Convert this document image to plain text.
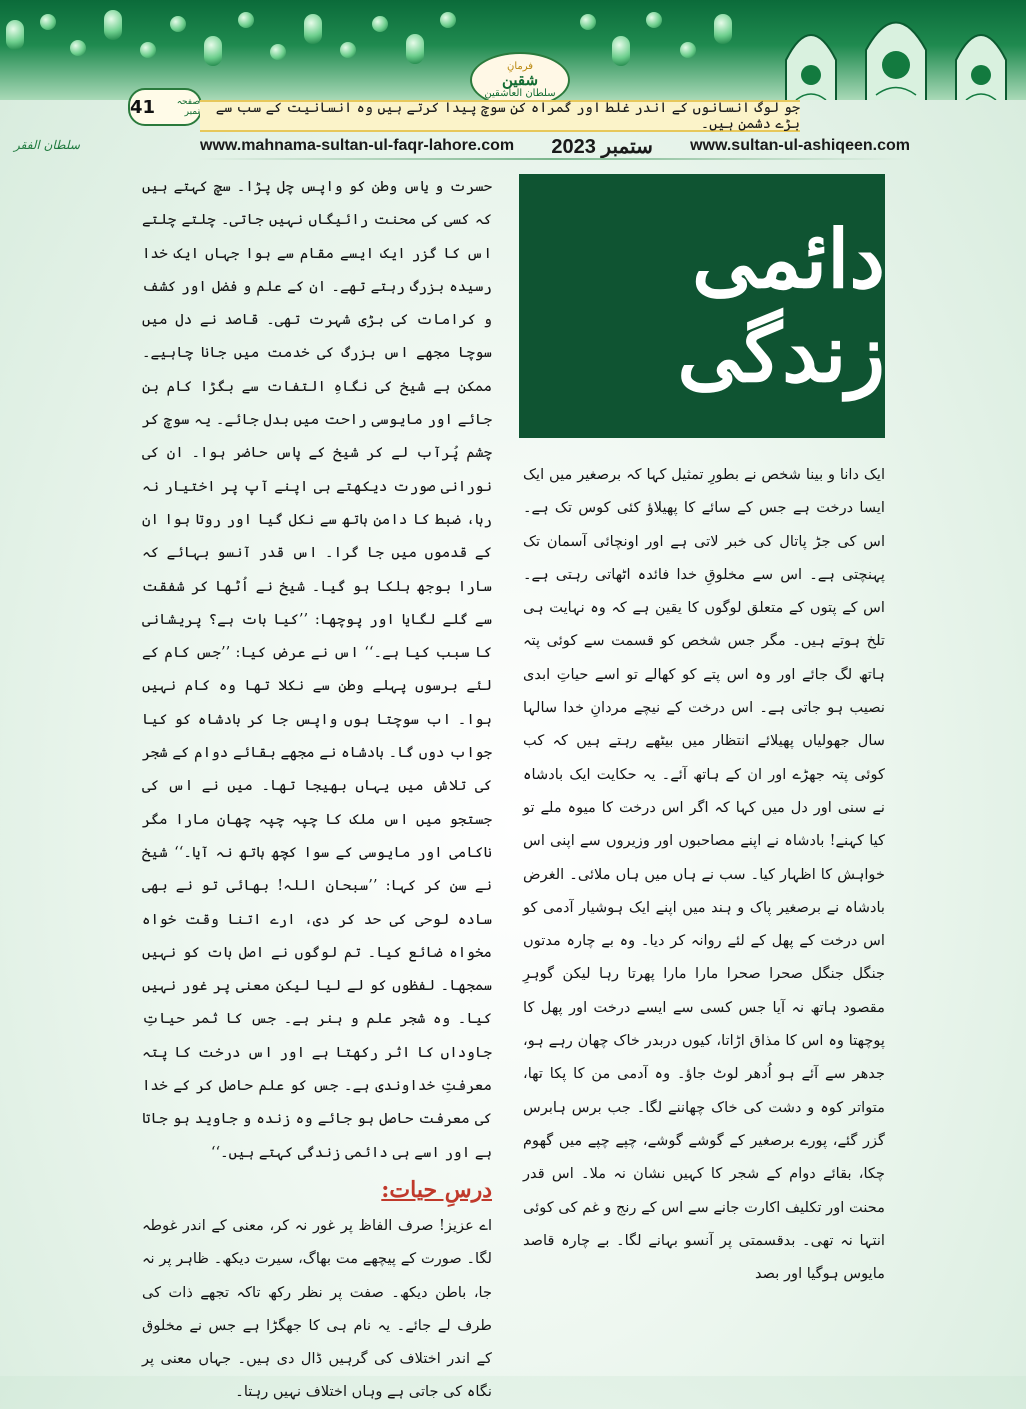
فرمانِ
شقین
سلطان العاشقین
41	صفحہ نمبر	جو لوگ انسانوں کے اندر غلط اور گمراہ کن سوچ پیدا کرتے ہیں وہ انسانیت کے سب سے بڑے دشمن ہیں۔
سلطان الفقر	www.mahnama-sultan-ul-faqr-lahore.com ستمبر 2023 www.sultan-ul-ashiqeen.com
دائمی زندگی

ایک دانا و بینا شخص نے بطورِ تمثیل کہا کہ برصغیر میں ایک ایسا درخت ہے جس کے سائے کا پھیلاؤ کئی کوس تک ہے۔ اس کی جڑ پاتال کی خبر لاتی ہے اور اونچائی آسمان تک پہنچتی ہے۔ اس سے مخلوقِ خدا فائدہ اٹھاتی رہتی ہے۔ اس کے پتوں کے متعلق لوگوں کا یقین ہے کہ وہ نہایت ہی تلخ ہوتے ہیں۔ مگر جس شخص کو قسمت سے کوئی پتہ ہاتھ لگ جائے اور وہ اس پتے کو کھالے تو اسے حیاتِ ابدی نصیب ہو جاتی ہے۔ اس درخت کے نیچے مردانِ خدا سالہا سال جھولیاں پھیلائے انتظار میں بیٹھے رہتے ہیں کہ کب کوئی پتہ جھڑے اور ان کے ہاتھ آئے۔ یہ حکایت ایک بادشاہ نے سنی اور دل میں کہا کہ اگر اس درخت کا میوہ ملے تو کیا کہنے! بادشاہ نے اپنے مصاحبوں اور وزیروں سے اپنی اس خواہش کا اظہار کیا۔ سب نے ہاں میں ہاں ملائی۔ الغرض بادشاہ نے برصغیر پاک و ہند میں اپنے ایک ہوشیار آدمی کو اس درخت کے پھل کے لئے روانہ کر دیا۔ وہ بے چارہ مدتوں جنگل جنگل صحرا صحرا مارا مارا پھرتا رہا لیکن گوہرِ مقصود ہاتھ نہ آیا جس کسی سے ایسے درخت اور پھل کا پوچھتا وہ اس کا مذاق اڑاتا، کیوں دربدر خاک چھان رہے ہو، جدھر سے آئے ہو اُدھر لوٹ جاؤ۔ وہ آدمی من کا پکا تھا، متواتر کوہ و دشت کی خاک چھاننے لگا۔ جب برس ہابرس گزر گئے، پورے برصغیر کے گوشے گوشے، چپے چپے میں گھوم چکا، بقائے دوام کے شجر کا کہیں نشان نہ ملا۔ اس قدر محنت اور تکلیف اکارت جانے سے اس کے رنج و غم کی کوئی انتہا نہ تھی۔ بدقسمتی پر آنسو بہانے لگا۔ بے چارہ قاصد مایوس ہوگیا اور بصد

حسرت و یاس وطن کو واپس چل پڑا۔ سچ کہتے ہیں کہ کسی کی محنت رائیگاں نہیں جاتی۔ چلتے چلتے اس کا گزر ایک ایسے مقام سے ہوا جہاں ایک خدا رسیدہ بزرگ رہتے تھے۔ ان کے علم و فضل اور کشف و کرامات کی بڑی شہرت تھی۔ قاصد نے دل میں سوچا مجھے اس بزرگ کی خدمت میں جانا چاہیے۔ ممکن ہے شیخ کی نگاہِ التفات سے بگڑا کام بن جائے اور مایوسی راحت میں بدل جائے۔ یہ سوچ کر چشم پُرآب لے کر شیخ کے پاس حاضر ہوا۔ ان کی نورانی صورت دیکھتے ہی اپنے آپ پر اختیار نہ رہا، ضبط کا دامن ہاتھ سے نکل گیا اور روتا ہوا ان کے قدموں میں جا گرا۔ اس قدر آنسو بہائے کہ سارا بوجھ ہلکا ہو گیا۔ شیخ نے اُٹھا کر شفقت سے گلے لگایا اور پوچھا: ’’کیا بات ہے؟ پریشانی کا سبب کیا ہے۔‘‘ اس نے عرض کیا: ’’جس کام کے لئے برسوں پہلے وطن سے نکلا تھا وہ کام نہیں ہوا۔ اب سوچتا ہوں واپس جا کر بادشاہ کو کیا جواب دوں گا۔ بادشاہ نے مجھے بقائے دوام کے شجر کی تلاش میں یہاں بھیجا تھا۔ میں نے اس کی جستجو میں اس ملک کا چپہ چپہ چھان مارا مگر ناکامی اور مایوسی کے سوا کچھ ہاتھ نہ آیا۔‘‘ شیخ نے سن کر کہا: ’’سبحان اللہ! بھائی تو نے بھی سادہ لوحی کی حد کر دی، ارے اتنا وقت خواہ مخواہ ضائع کیا۔ تم لوگوں نے اصل بات کو نہیں سمجھا۔ لفظوں کو لے لیا لیکن معنی پر غور نہیں کیا۔ وہ شجر علم و ہنر ہے۔ جس کا ثمر حیاتِ جاوداں کا اثر رکھتا ہے اور اس درخت کا پتہ معرفتِ خداوندی ہے۔ جس کو علم حاصل کر کے خدا کی معرفت حاصل ہو جائے وہ زندہ و جاوید ہو جاتا ہے اور اسے ہی دائمی زندگی کہتے ہیں۔‘‘

درسِ حیات:

اے عزیز! صرف الفاظ پر غور نہ کر، معنی کے اندر غوطہ لگا۔ صورت کے پیچھے مت بھاگ، سیرت دیکھ۔ ظاہر پر نہ جا، باطن دیکھ۔ صفت پر نظر رکھ تاکہ تجھے ذات کی طرف لے جائے۔ یہ نام ہی کا جھگڑا ہے جس نے مخلوق کے اندر اختلاف کی گرہیں ڈال دی ہیں۔ جہاں معنی پر نگاہ کی جاتی ہے وہاں اختلاف نہیں رہتا۔
